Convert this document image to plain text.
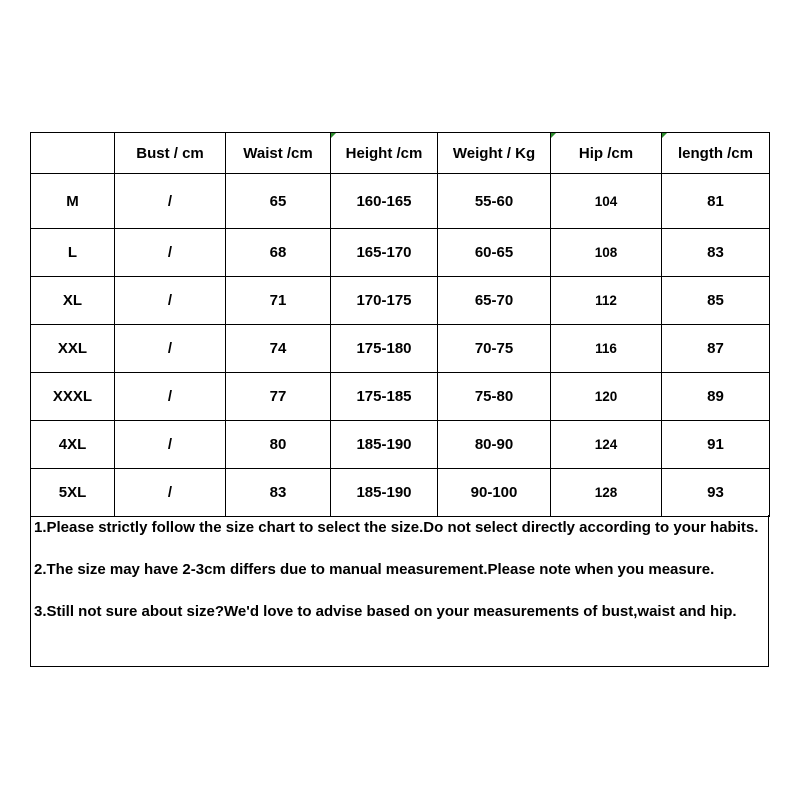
	Bust / cm	Waist /cm	Height /cm	Weight / Kg	Hip /cm	length /cm
M	/	65	160-165	55-60	104	81
L	/	68	165-170	60-65	108	83
XL	/	71	170-175	65-70	112	85
XXL	/	74	175-180	70-75	116	87
XXXL	/	77	175-185	75-80	120	89
4XL	/	80	185-190	80-90	124	91
5XL	/	83	185-190	90-100	128	93

1.Please strictly follow the size chart to select the size.Do not select directly according to your habits.

2.The size may have 2-3cm differs due to manual measurement.Please note when you measure.

3.Still not sure about size?We'd love to advise based on your measurements of bust,waist and hip.
